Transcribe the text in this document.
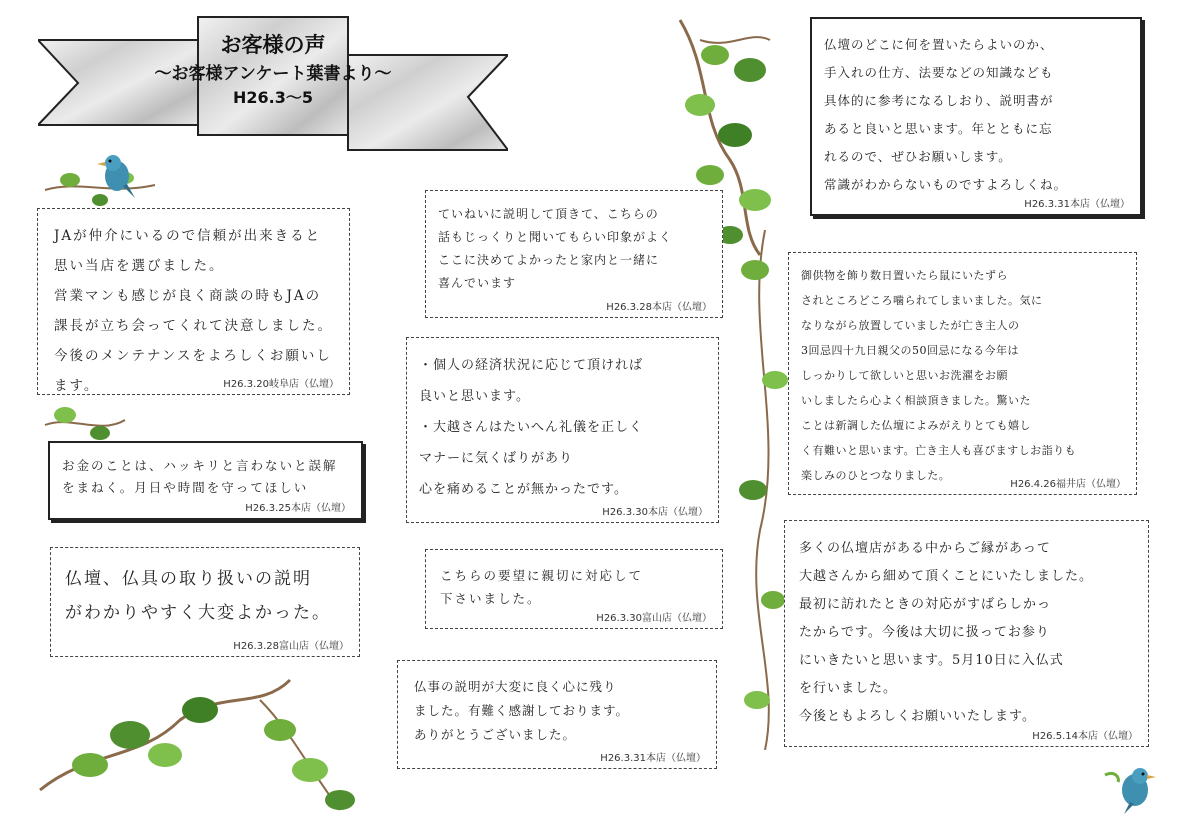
お客様の声
～お客様アンケート葉書より～
H26.3～5
JAが仲介にいるので信頼が出来きると
思い当店を選びました。
営業マンも感じが良く商談の時もJAの
課長が立ち会ってくれて決意しました。
今後のメンテナンスをよろしくお願いします。	H26.3.20岐阜店（仏壇）
お金のことは、ハッキリと言わないと誤解
をまねく。月日や時間を守ってほしい
H26.3.25本店（仏壇）
仏壇、仏具の取り扱いの説明
がわかりやすく大変よかった。
H26.3.28富山店（仏壇）
ていねいに説明して頂きて、こちらの
話もじっくりと聞いてもらい印象がよく
ここに決めてよかったと家内と一緒に
喜んでいます
H26.3.28本店（仏壇）
・個人の経済状況に応じて頂ければ
良いと思います。
・大越さんはたいへん礼儀を正しく
マナーに気くばりがあり
心を痛めることが無かったです。
H26.3.30本店（仏壇）
こちらの要望に親切に対応して
下さいました。
H26.3.30富山店（仏壇）
仏事の説明が大変に良く心に残り
ました。有難く感謝しております。
ありがとうございました。
H26.3.31本店（仏壇）
仏壇のどこに何を置いたらよいのか、
手入れの仕方、法要などの知識なども
具体的に参考になるしおり、説明書が
あると良いと思います。年とともに忘
れるので、ぜひお願いします。
常識がわからないものですよろしくね。
H26.3.31本店（仏壇）
御供物を飾り数日置いたら鼠にいたずら
されところどころ噛られてしまいました。気に
なりながら放置していましたが亡き主人の
3回忌四十九日親父の50回忌になる今年は
しっかりして欲しいと思いお洗濯をお願
いしましたら心よく相談頂きました。驚いた
ことは新調した仏壇によみがえりとても嬉し
く有難いと思います。亡き主人も喜びますしお詣りも
楽しみのひとつなりました。
H26.4.26福井店（仏壇）
多くの仏壇店がある中からご縁があって
大越さんから細めて頂くことにいたしました。
最初に訪れたときの対応がすばらしかっ
たからです。今後は大切に扱ってお参り
にいきたいと思います。5月10日に入仏式
を行いました。
今後ともよろしくお願いいたします。
H26.5.14本店（仏壇）
